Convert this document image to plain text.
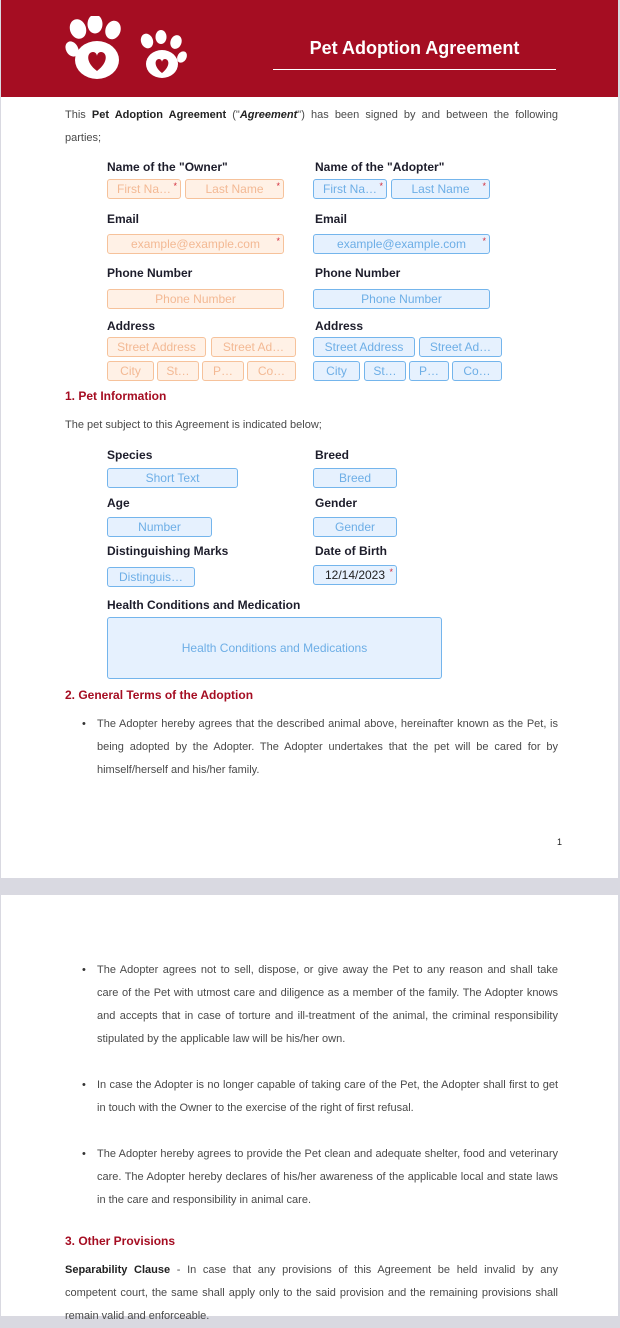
Pet Adoption Agreement
This Pet Adoption Agreement ("Agreement") has been signed by and between the following parties;
Name of the "Owner"
First Na… *	Last Name *
Email
example@example.com *
Phone Number
Phone Number
Address
Street Address	Street Ad…
City	St…	P…	Co…
Name of the "Adopter"
First Na… *	Last Name *
Email
example@example.com *
Phone Number
Phone Number
Address
Street Address	Street Ad…
City	St…	P…	Co…
1. Pet Information
The pet subject to this Agreement is indicated below;
Species
Short Text
Breed
Breed
Age
Number
Gender
Gender
Distinguishing Marks
Distinguis…
Date of Birth
12/14/2023 *
Health Conditions and Medication
Health Conditions and Medications
2. General Terms of the Adoption
• The Adopter hereby agrees that the described animal above, hereinafter known as the Pet, is being adopted by the Adopter. The Adopter undertakes that the pet will be cared for by himself/herself and his/her family.
1
• The Adopter agrees not to sell, dispose, or give away the Pet to any reason and shall take care of the Pet with utmost care and diligence as a member of the family. The Adopter knows and accepts that in case of torture and ill-treatment of the animal, the criminal responsibility stipulated by the applicable law will be his/her own.
• In case the Adopter is no longer capable of taking care of the Pet, the Adopter shall first to get in touch with the Owner to the exercise of the right of first refusal.
• The Adopter hereby agrees to provide the Pet clean and adequate shelter, food and veterinary care. The Adopter hereby declares of his/her awareness of the applicable local and state laws in the care and responsibility in animal care.
3. Other Provisions
Separability Clause - In case that any provisions of this Agreement be held invalid by any competent court, the same shall apply only to the said provision and the remaining provisions shall remain valid and enforceable.
